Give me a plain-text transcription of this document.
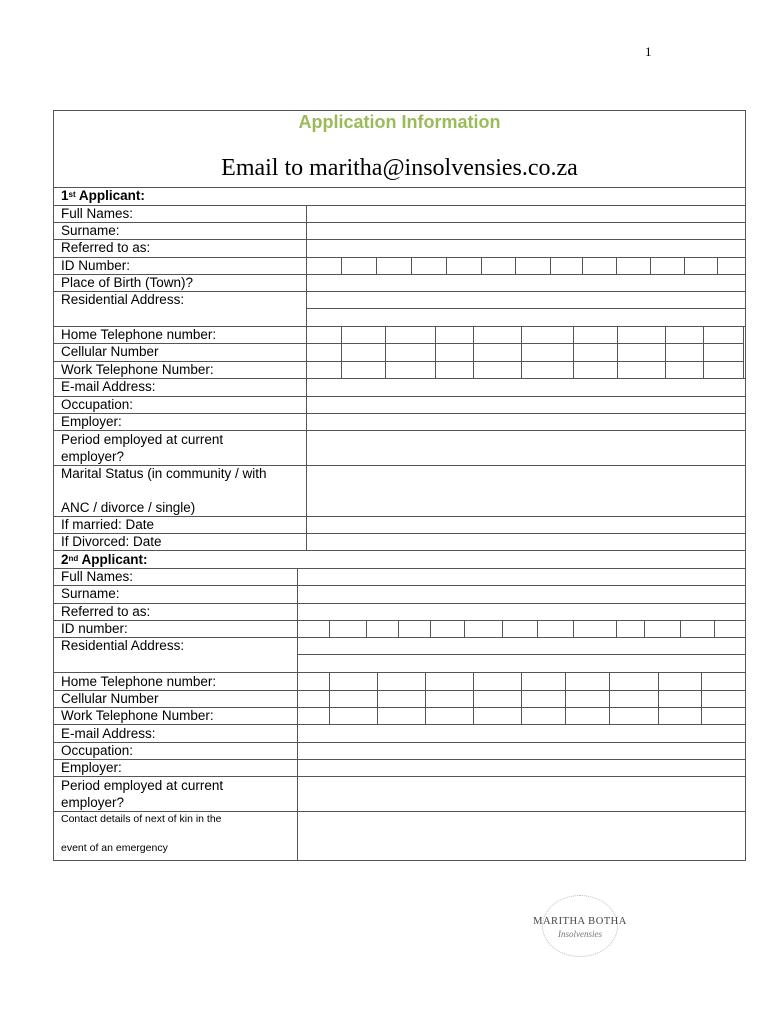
1
Application Information
Email to maritha@insolvensies.co.za
1st Applicant:
Full Names:
Surname:
Referred to as:
ID Number:
Place of Birth (Town)?
Residential Address:
Home Telephone number:
Cellular Number
Work Telephone Number:
E-mail Address:
Occupation:
Employer:
Period employed at current
employer?
Marital Status (in community / with
ANC / divorce / single)
If married: Date
If Divorced: Date
2nd Applicant:
Full Names:
Surname:
Referred to as:
ID number:
Residential Address:
Home Telephone number:
Cellular Number
Work Telephone Number:
E-mail Address:
Occupation:
Employer:
Period employed at current
employer?
Contact details of next of kin in the
event of an emergency
MARITHA BOTHA
Insolvensies
